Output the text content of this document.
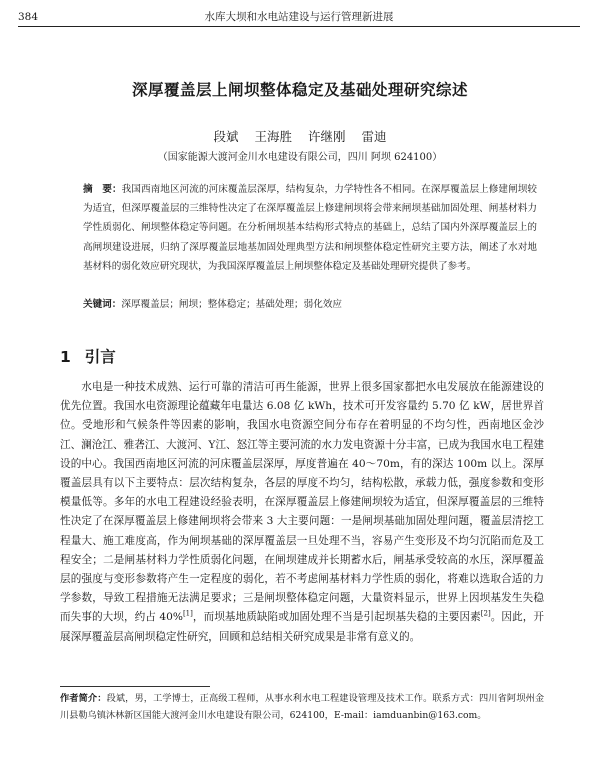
384	水库大坝和水电站建设与运行管理新进展
深厚覆盖层上闸坝整体稳定及基础处理研究综述
段斌 王海胜 许继刚 雷迪
（国家能源大渡河金川水电建设有限公司，四川 阿坝 624100）
摘　要：我国西南地区河流的河床覆盖层深厚，结构复杂，力学特性各不相同。在深厚覆盖层上修建闸坝较为适宜，但深厚覆盖层的三维特性决定了在深厚覆盖层上修建闸坝将会带来闸坝基础加固处理、闸基材料力学性质弱化、闸坝整体稳定等问题。在分析闸坝基本结构形式特点的基础上，总结了国内外深厚覆盖层上的高闸坝建设进展，归纳了深厚覆盖层地基加固处理典型方法和闸坝整体稳定性研究主要方法，阐述了水对地基材料的弱化效应研究现状，为我国深厚覆盖层上闸坝整体稳定及基础处理研究提供了参考。
关键词：深厚覆盖层；闸坝；整体稳定；基础处理；弱化效应
1 引言
水电是一种技术成熟、运行可靠的清洁可再生能源，世界上很多国家都把水电发展放在能源建设的优先位置。我国水电资源理论蕴藏年电量达 6.08 亿 kWh，技术可开发容量约 5.70 亿 kW，居世界首位。受地形和气候条件等因素的影响，我国水电资源空间分布存在着明显的不均匀性，西南地区金沙江、澜沧江、雅砻江、大渡河、Y江、怒江等主要河流的水力发电资源十分丰富，已成为我国水电工程建设的中心。我国西南地区河流的河床覆盖层深厚，厚度普遍在 40～70m，有的深达 100m 以上。深厚覆盖层具有以下主要特点：层次结构复杂，各层的厚度不均匀，结构松散，承载力低，强度参数和变形模量低等。多年的水电工程建设经验表明，在深厚覆盖层上修建闸坝较为适宜，但深厚覆盖层的三维特性决定了在深厚覆盖层上修建闸坝将会带来 3 大主要问题：一是闸坝基础加固处理问题，覆盖层清挖工程量大、施工难度高，作为闸坝基础的深厚覆盖层一旦处理不当，容易产生变形及不均匀沉陷而危及工程安全；二是闸基材料力学性质弱化问题，在闸坝建成并长期蓄水后，闸基承受较高的水压，深厚覆盖层的强度与变形参数将产生一定程度的弱化，若不考虑闸基材料力学性质的弱化，将难以选取合适的力学参数，导致工程措施无法满足要求；三是闸坝整体稳定问题，大量资料显示，世界上因坝基发生失稳而失事的大坝，约占 40%[1]，而坝基地质缺陷或加固处理不当是引起坝基失稳的主要因素[2]。因此，开展深厚覆盖层高闸坝稳定性研究，回顾和总结相关研究成果是非常有意义的。
作者简介：段斌，男，工学博士，正高级工程师，从事水利水电工程建设管理及技术工作。联系方式：四川省阿坝州金川县勒乌镇沐林新区国能大渡河金川水电建设有限公司，624100，E-mail：iamduanbin@163.com。
